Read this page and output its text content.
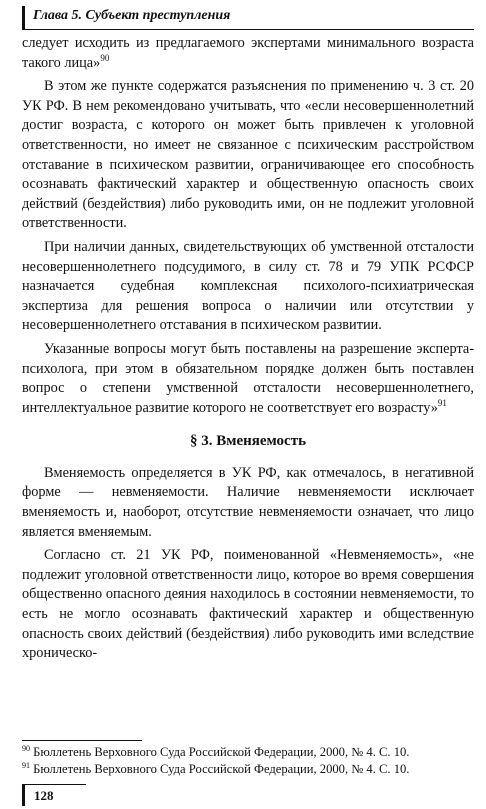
Глава 5. Субъект преступления

следует исходить из предлагаемого экспертами минимального возраста такого лица»$^{90}$

В этом же пункте содержатся разъяснения по применению ч. 3 ст. 20 УК РФ. В нем рекомендовано учитывать, что «если несовершеннолетний достиг возраста, с которого он может быть привлечен к уголовной ответственности, но имеет не связанное с психическим расстройством отставание в психическом развитии, ограничивающее его способность осознавать фактический характер и общественную опасность своих действий (бездействия) либо руководить ими, он не подлежит уголовной ответственности.

При наличии данных, свидетельствующих об умственной отсталости несовершеннолетнего подсудимого, в силу ст. 78 и 79 УПК РСФСР назначается судебная комплексная психолого-психиатрическая экспертиза для решения вопроса о наличии или отсутствии у несовершеннолетнего отставания в психическом развитии.

Указанные вопросы могут быть поставлены на разрешение эксперта-психолога, при этом в обязательном порядке должен быть поставлен вопрос о степени умственной отсталости несовершеннолетнего, интеллектуальное развитие которого не соответствует его возрасту»$^{91}$

§ 3. Вменяемость

Вменяемость определяется в УК РФ, как отмечалось, в негативной форме — невменяемости. Наличие невменяемости исключает вменяемость и, наоборот, отсутствие невменяемости означает, что лицо является вменяемым.

Согласно ст. 21 УК РФ, поименованной «Невменяемость», «не подлежит уголовной ответственности лицо, которое во время совершения общественно опасного деяния находилось в состоянии невменяемости, то есть не могло осознавать фактический характер и общественную опасность своих действий (бездействия) либо руководить ими вследствие хроническо-

$^{90}$ Бюллетень Верховного Суда Российской Федерации, 2000, № 4. С. 10.

$^{91}$ Бюллетень Верховного Суда Российской Федерации, 2000, № 4. С. 10.

128
